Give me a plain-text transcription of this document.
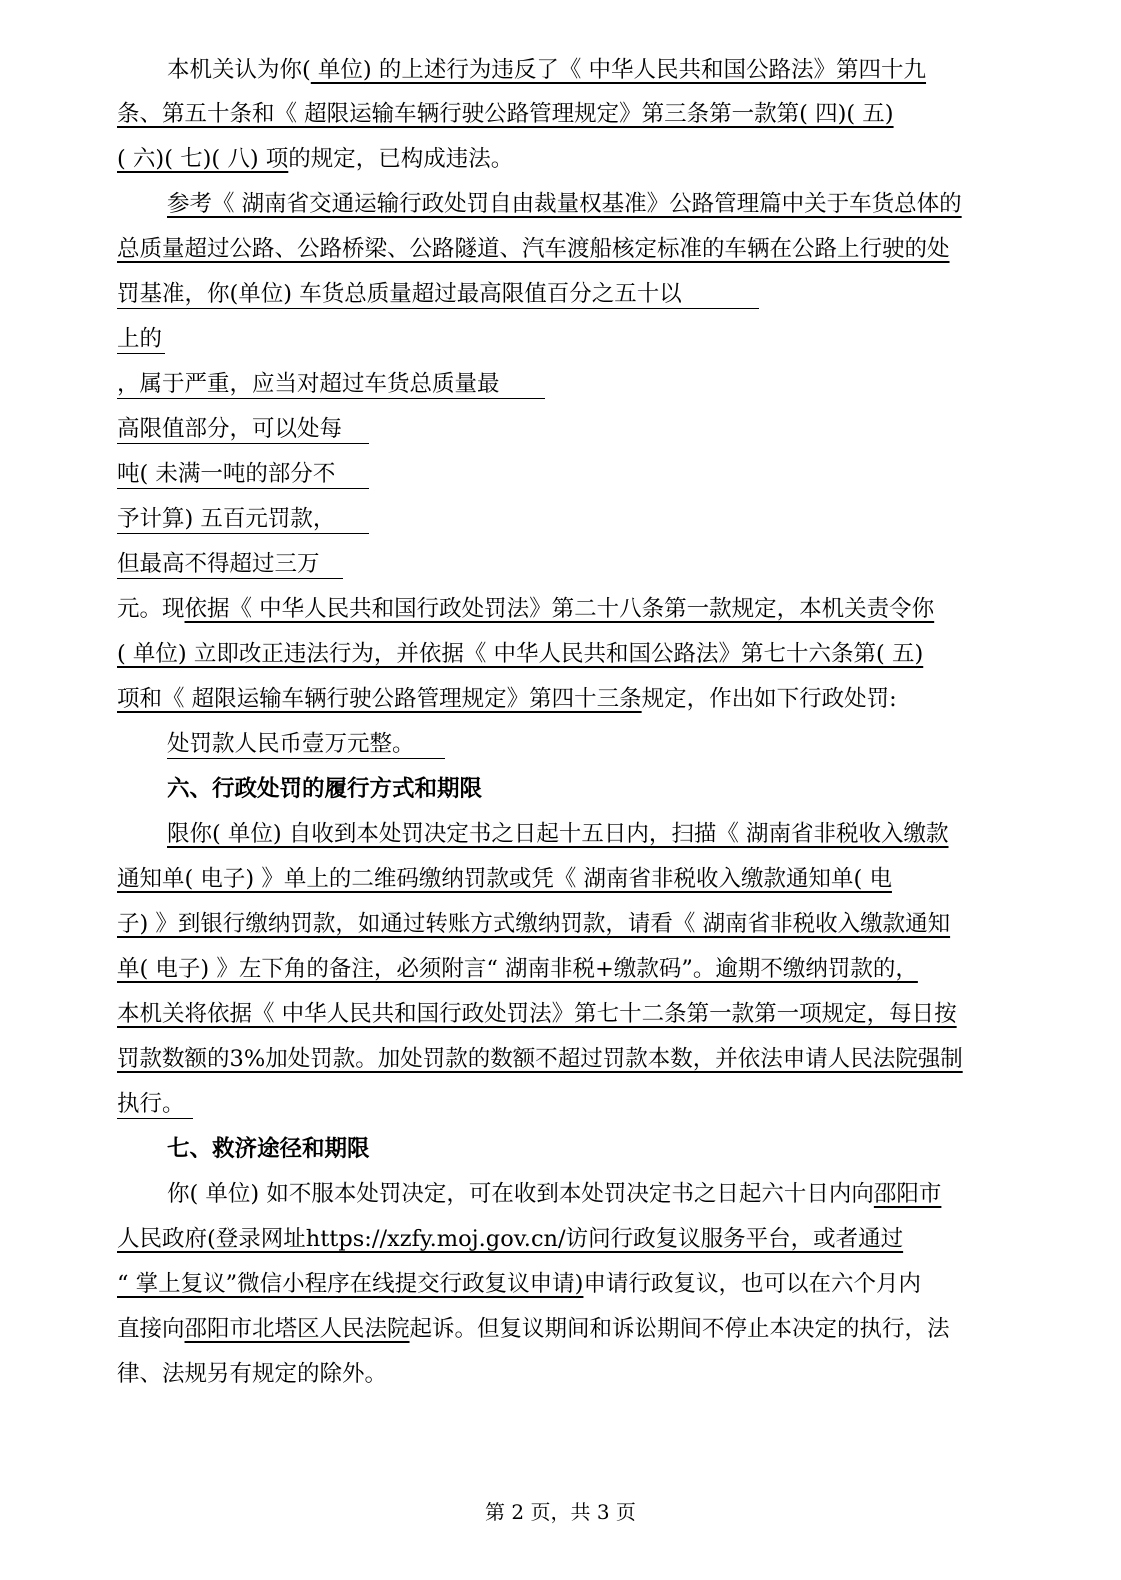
本机关认为你( 单位) 的上述行为违反了《 中华人民共和国公路法》第四十九
条、第五十条和《 超限运输车辆行驶公路管理规定》第三条第一款第( 四)( 五)
( 六)( 七)( 八) 项的规定，已构成违法。
参考《 湖南省交通运输行政处罚自由裁量权基准》公路管理篇中关于车货总体的
总质量超过公路、公路桥梁、公路隧道、汽车渡船核定标准的车辆在公路上行驶的处
罚基准，你(单位) 车货总质量超过最高限值百分之五十以
上的
，属于严重，应当对超过车货总质量最
高限值部分，可以处每
吨( 未满一吨的部分不
予计算) 五百元罚款，
但最高不得超过三万
元。现依据《 中华人民共和国行政处罚法》第二十八条第一款规定，本机关责令你
( 单位) 立即改正违法行为，并依据《 中华人民共和国公路法》第七十六条第( 五)
项和《 超限运输车辆行驶公路管理规定》第四十三条规定，作出如下行政处罚:
处罚款人民币壹万元整。
六、行政处罚的履行方式和期限
限你( 单位) 自收到本处罚决定书之日起十五日内，扫描《 湖南省非税收入缴款
通知单( 电子) 》单上的二维码缴纳罚款或凭《 湖南省非税收入缴款通知单( 电
子) 》到银行缴纳罚款，如通过转账方式缴纳罚款，请看《 湖南省非税收入缴款通知
单( 电子) 》左下角的备注，必须附言“ 湖南非税+缴款码”。逾期不缴纳罚款的，
本机关将依据《 中华人民共和国行政处罚法》第七十二条第一款第一项规定，每日按
罚款数额的3%加处罚款。加处罚款的数额不超过罚款本数，并依法申请人民法院强制
执行。
七、救济途径和期限
你( 单位) 如不服本处罚决定，可在收到本处罚决定书之日起六十日内向邵阳市
人民政府(登录网址https://xzfy.moj.gov.cn/访问行政复议服务平台，或者通过
“ 掌上复议”微信小程序在线提交行政复议申请)申请行政复议，也可以在六个月内
直接向邵阳市北塔区人民法院起诉。但复议期间和诉讼期间不停止本决定的执行，法
律、法规另有规定的除外。
第 2 页，共 3 页
